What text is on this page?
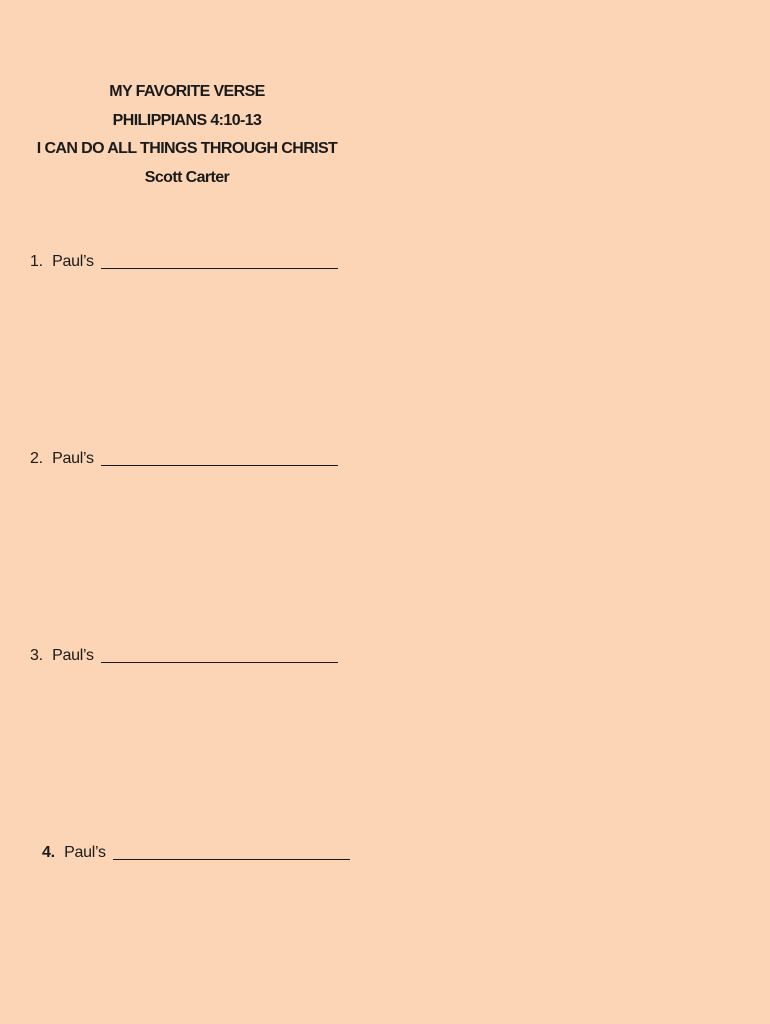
MY FAVORITE VERSE
PHILIPPIANS 4:10-13
I CAN DO ALL THINGS THROUGH CHRIST
Scott Carter
1. Paul’s
2. Paul’s
3. Paul’s
4. Paul’s
